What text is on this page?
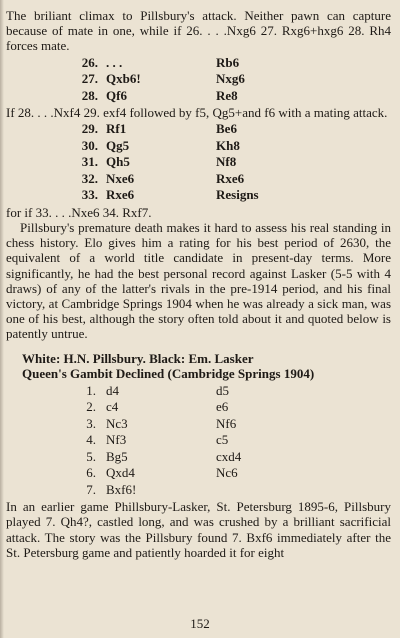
The briliant climax to Pillsbury's attack. Neither pawn can capture because of mate in one, while if 26. . . .Nxg6 27. Rxg6+hxg6 28. Rh4 forces mate.

26. . . .	Rb6
27. Qxb6!	Nxg6
28. Qf6	Re8

If 28. . . .Nxf4 29. exf4 followed by f5, Qg5+and f6 with a mating attack.

29. Rf1	Be6
30. Qg5	Kh8
31. Qh5	Nf8
32. Nxe6	Rxe6
33. Rxe6	Resigns

for if 33. . . .Nxe6 34. Rxf7.

Pillsbury's premature death makes it hard to assess his real standing in chess history. Elo gives him a rating for his best period of 2630, the equivalent of a world title candidate in present-day terms. More significantly, he had the best personal record against Lasker (5-5 with 4 draws) of any of the latter's rivals in the pre-1914 period, and his final victory, at Cambridge Springs 1904 when he was already a sick man, was one of his best, although the story often told about it and quoted below is patently untrue.

White: H.N. Pillsbury. Black: Em. Lasker
Queen's Gambit Declined (Cambridge Springs 1904)
1. d4	d5
2. c4	e6
3. Nc3	Nf6
4. Nf3	c5
5. Bg5	cxd4
6. Qxd4	Nc6
7. Bxf6!

In an earlier game Phillsbury-Lasker, St. Petersburg 1895-6, Pillsbury played 7. Qh4?, castled long, and was crushed by a brilliant sacrificial attack. The story was the Pillsbury found 7. Bxf6 immediately after the St. Petersburg game and patiently hoarded it for eight

152
